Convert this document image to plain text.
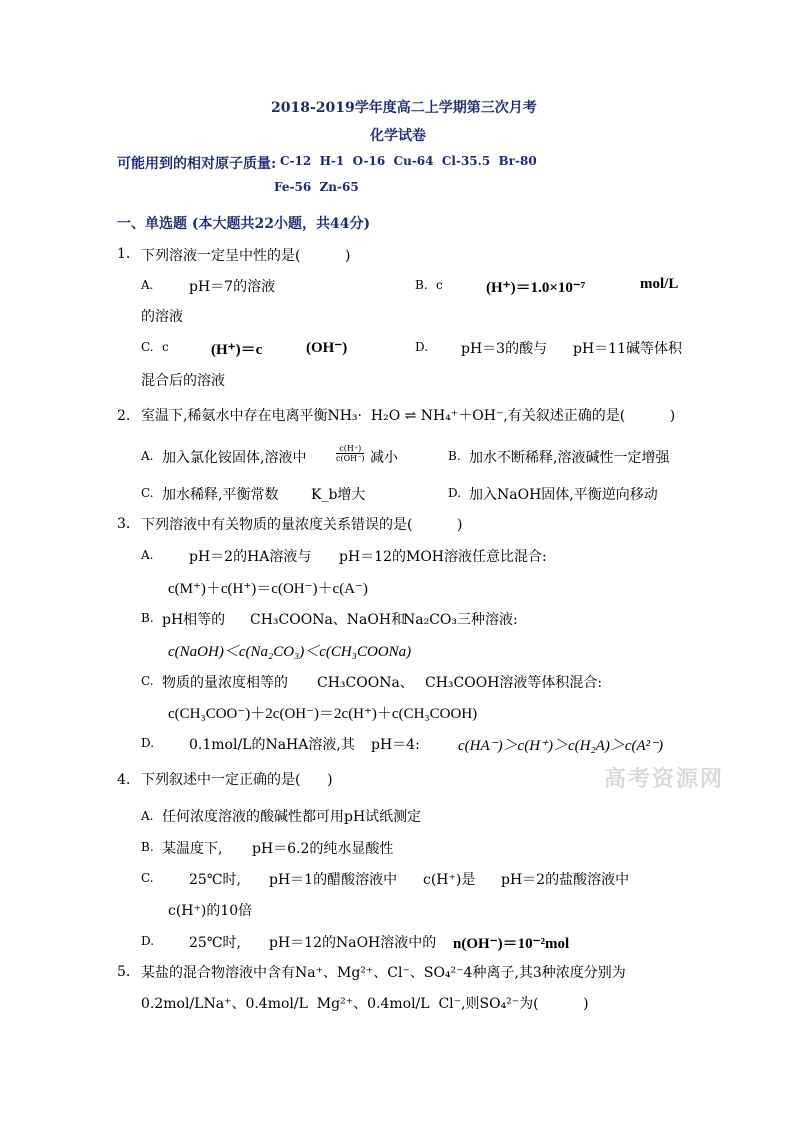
2018-2019学年度高二上学期第三次月考
化学试卷
可能用到的相对原子质量: C-12  H-1  O-16  Cu-64  Cl-35.5  Br-80
Fe-56  Zn-65
一、单选题 (本大题共22小题，共44分)
高考资源网
1. 下列溶液一定呈中性的是(          )
A.	pH＝7的溶液	B. c	(H⁺)＝1.0×10⁻⁷	mol/L
的溶液
C. c	(H⁺)＝c	(OH⁻)	D. pH＝3的酸与 pH＝11碱等体积
混合后的溶液
2. 室温下,稀氨水中存在电离平衡NH₃·  H₂O ⇌ NH₄⁺＋OH⁻,有关叙述正确的是(          )
A. 加入氯化铵固体,溶液中	$\frac{c(H^+)}{c(OH^-)}$ 减小	B. 加水不断稀释,溶液碱性一定增强
C. 加水稀释,平衡常数 K_b增大	D. 加入NaOH固体,平衡逆向移动
3. 下列溶液中有关物质的量浓度关系错误的是(          )
A.	pH＝2的HA溶液与 pH＝12的MOH溶液任意比混合:
c(M⁺)＋c(H⁺)＝c(OH⁻)＋c(A⁻)
B. pH相等的 CH₃COONa、NaOH和
Na₂CO₃三种溶液:
c(NaOH)＜c(Na₂CO₃)＜c(CH₃COONa)
C. 物质的量浓度相等的 CH₃COONa、 CH₃COOH溶液等体积混合:
c(CH₃COO⁻)＋2c(OH⁻)＝2c(H⁺)＋c(CH₃COOH)
D. 0.1mol/L的NaHA溶液,其 pH＝4:	c(HA⁻)＞c(H⁺)＞c(H₂A)＞c(A²⁻)
4. 下列叙述中一定正确的是(      )
A. 任何浓度溶液的酸碱性都可用pH试纸测定
B. 某温度下, pH＝6.2的纯水显酸性
C.	25℃时, pH＝1的醋酸溶液中 c(H⁺)是 pH＝2的盐酸溶液中
c(H⁺)的10倍
D. 25℃时, pH＝12的NaOH溶液中的 n(OH⁻)＝10⁻²mol
5. 某盐的混合物溶液中含有Na⁺、Mg²⁺、Cl⁻、SO₄²⁻4种离子,其3种浓度分别为
0.2mol/LNa⁺、0.4mol/L  Mg²⁺、0.4mol/L  Cl⁻,则SO₄²⁻为(          )
